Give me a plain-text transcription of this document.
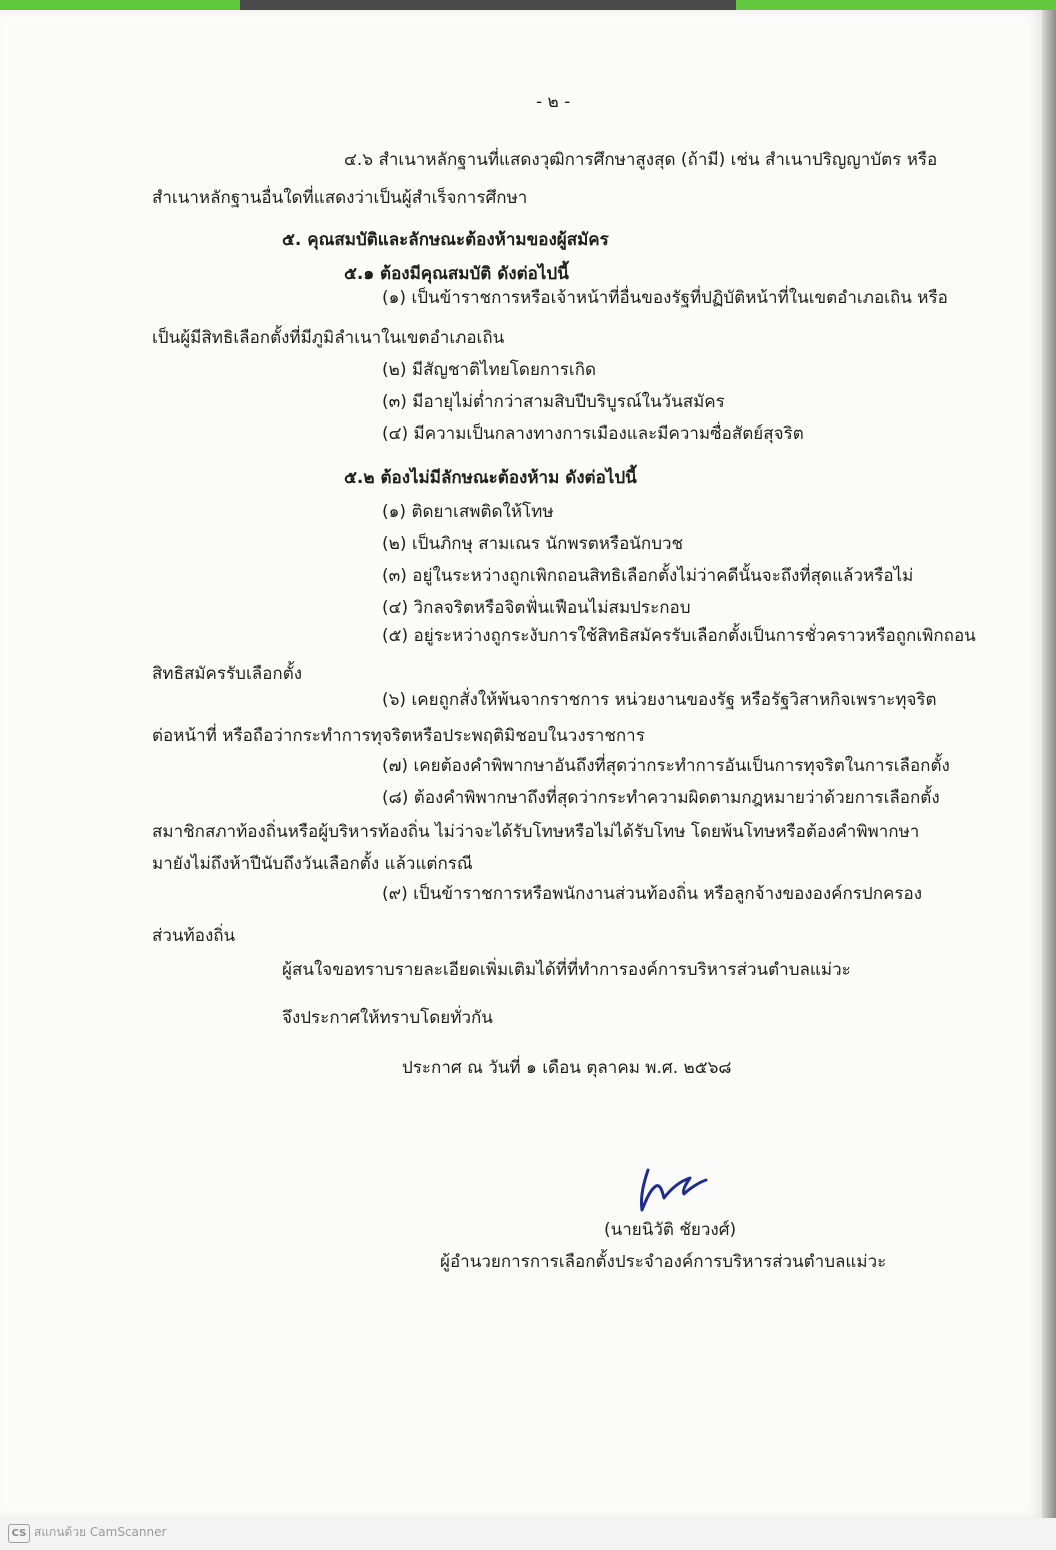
- ๒ -
๔.๖ สำเนาหลักฐานที่แสดงวุฒิการศึกษาสูงสุด (ถ้ามี) เช่น สำเนาปริญญาบัตร หรือ
สำเนาหลักฐานอื่นใดที่แสดงว่าเป็นผู้สำเร็จการศึกษา
๕. คุณสมบัติและลักษณะต้องห้ามของผู้สมัคร
๕.๑ ต้องมีคุณสมบัติ ดังต่อไปนี้
(๑) เป็นข้าราชการหรือเจ้าหน้าที่อื่นของรัฐที่ปฏิบัติหน้าที่ในเขตอำเภอเถิน หรือ
เป็นผู้มีสิทธิเลือกตั้งที่มีภูมิลำเนาในเขตอำเภอเถิน
(๒) มีสัญชาติไทยโดยการเกิด
(๓) มีอายุไม่ต่ำกว่าสามสิบปีบริบูรณ์ในวันสมัคร
(๔) มีความเป็นกลางทางการเมืองและมีความซื่อสัตย์สุจริต
๕.๒ ต้องไม่มีลักษณะต้องห้าม ดังต่อไปนี้
(๑) ติดยาเสพติดให้โทษ
(๒) เป็นภิกษุ สามเณร นักพรตหรือนักบวช
(๓) อยู่ในระหว่างถูกเพิกถอนสิทธิเลือกตั้งไม่ว่าคดีนั้นจะถึงที่สุดแล้วหรือไม่
(๔) วิกลจริตหรือจิตฟั่นเฟือนไม่สมประกอบ
(๕) อยู่ระหว่างถูกระงับการใช้สิทธิสมัครรับเลือกตั้งเป็นการชั่วคราวหรือถูกเพิกถอน
สิทธิสมัครรับเลือกตั้ง
(๖) เคยถูกสั่งให้พ้นจากราชการ หน่วยงานของรัฐ หรือรัฐวิสาหกิจเพราะทุจริต
ต่อหน้าที่ หรือถือว่ากระทำการทุจริตหรือประพฤติมิชอบในวงราชการ
(๗) เคยต้องคำพิพากษาอันถึงที่สุดว่ากระทำการอันเป็นการทุจริตในการเลือกตั้ง
(๘) ต้องคำพิพากษาถึงที่สุดว่ากระทำความผิดตามกฎหมายว่าด้วยการเลือกตั้ง
สมาชิกสภาท้องถิ่นหรือผู้บริหารท้องถิ่น ไม่ว่าจะได้รับโทษหรือไม่ได้รับโทษ โดยพ้นโทษหรือต้องคำพิพากษา
มายังไม่ถึงห้าปีนับถึงวันเลือกตั้ง แล้วแต่กรณี
(๙) เป็นข้าราชการหรือพนักงานส่วนท้องถิ่น หรือลูกจ้างขององค์กรปกครอง
ส่วนท้องถิ่น
ผู้สนใจขอทราบรายละเอียดเพิ่มเติมได้ที่ที่ทำการองค์การบริหารส่วนตำบลแม่วะ
จึงประกาศให้ทราบโดยทั่วกัน
ประกาศ ณ วันที่ ๑ เดือน ตุลาคม พ.ศ. ๒๕๖๘
(นายนิวัติ ชัยวงศ์)
ผู้อำนวยการการเลือกตั้งประจำองค์การบริหารส่วนตำบลแม่วะ
CS สแกนด้วย CamScanner
